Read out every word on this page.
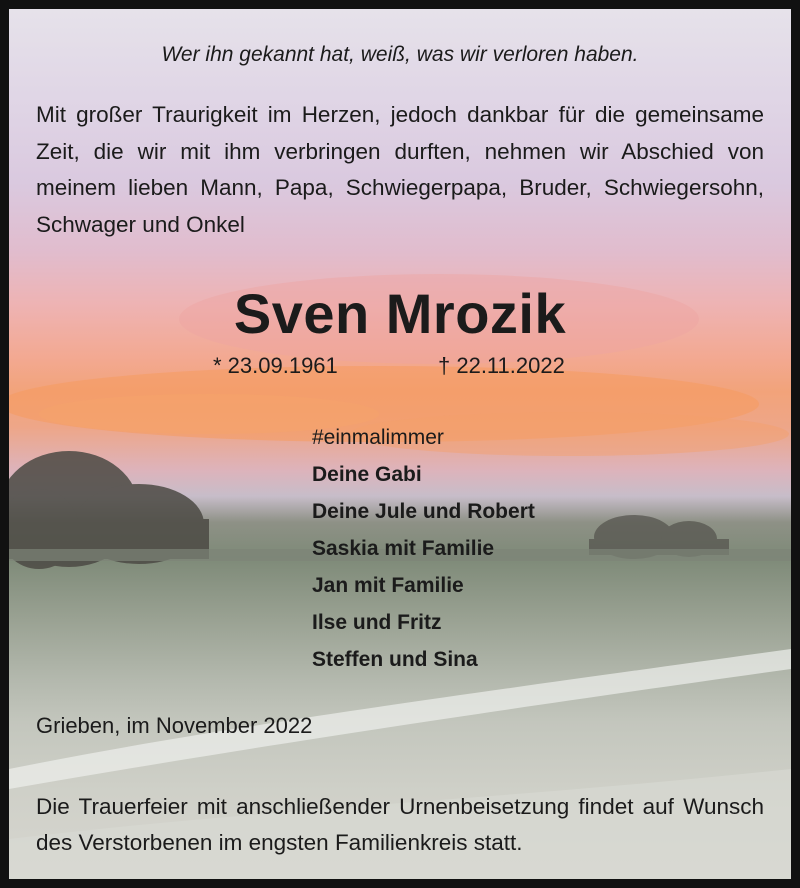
Wer ihn gekannt hat, weiß, was wir verloren haben.
Mit großer Traurigkeit im Herzen, jedoch dankbar für die gemeinsame Zeit, die wir mit ihm verbringen durften, nehmen wir Abschied von meinem lieben Mann, Papa, Schwiegerpapa, Bruder, Schwiegersohn, Schwager und Onkel
Sven Mrozik
* 23.09.1961	† 22.11.2022
#einmalimmer
Deine Gabi
Deine Jule und Robert
Saskia mit Familie
Jan mit Familie
Ilse und Fritz
Steffen und Sina
Grieben, im November 2022
Die Trauerfeier mit anschließender Urnenbeisetzung findet auf Wunsch des Verstorbenen im engsten Familienkreis statt.
